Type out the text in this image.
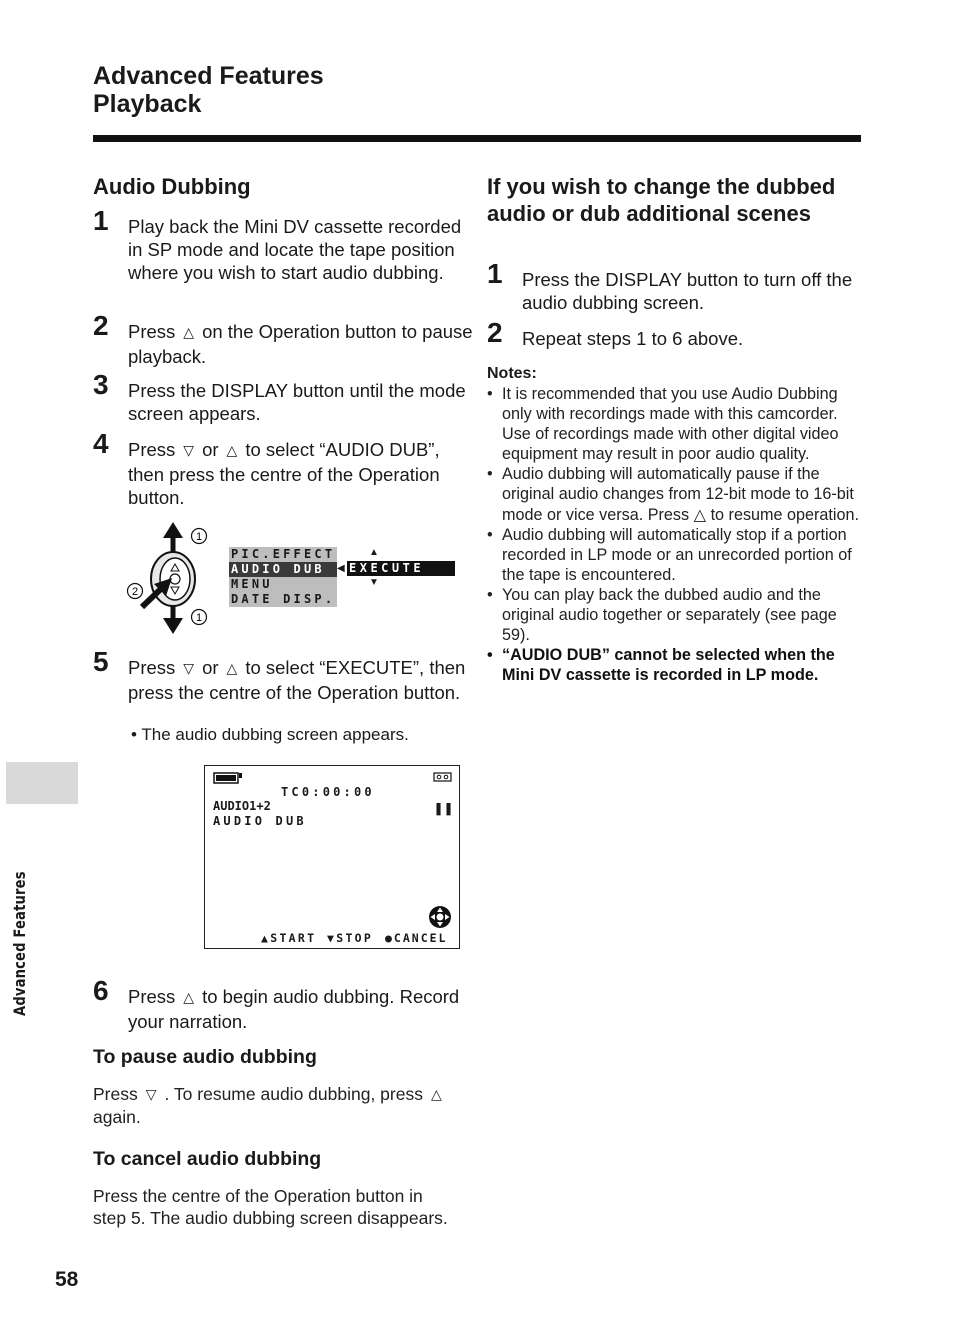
Advanced Features
Playback
Advanced Features
58
Audio Dubbing
1 Play back the Mini DV cassette recorded in SP mode and locate the tape position where you wish to start audio dubbing.
2 Press △ on the Operation button to pause playback.
3 Press the DISPLAY button until the mode screen appears.
4 Press ▽ or △ to select “AUDIO DUB”, then press the centre of the Operation button.
1
2
1
PIC.EFFECT
AUDIO DUB
MENU
DATE DISP.
◀
▲
EXECUTE
▼
5 Press ▽ or △ to select “EXECUTE”, then press the centre of the Operation button.
• The audio dubbing screen appears.
TC0:00:00
AUDIO1+2
AUDIO DUB
❚❚
▲START ▼STOP ●CANCEL
6 Press △ to begin audio dubbing. Record your narration.
To pause audio dubbing
Press ▽ . To resume audio dubbing, press △again.
To cancel audio dubbing
Press the centre of the Operation button in step 5. The audio dubbing screen disappears.
If you wish to change the dubbed audio or dub additional scenes
1 Press the DISPLAY button to turn off the audio dubbing screen.
2 Repeat steps 1 to 6 above.
Notes:
• It is recommended that you use Audio Dubbing only with recordings made with this camcorder. Use of recordings made with other digital video equipment may result in poor audio quality.
• Audio dubbing will automatically pause if the original audio changes from 12-bit mode to 16-bit mode or vice versa. Press △ to resume operation.
• Audio dubbing will automatically stop if a portion recorded in LP mode or an unrecorded portion of the tape is encountered.
• You can play back the dubbed audio and the original audio together or separately (see page 59).
• “AUDIO DUB” cannot be selected when the Mini DV cassette is recorded in LP mode.
